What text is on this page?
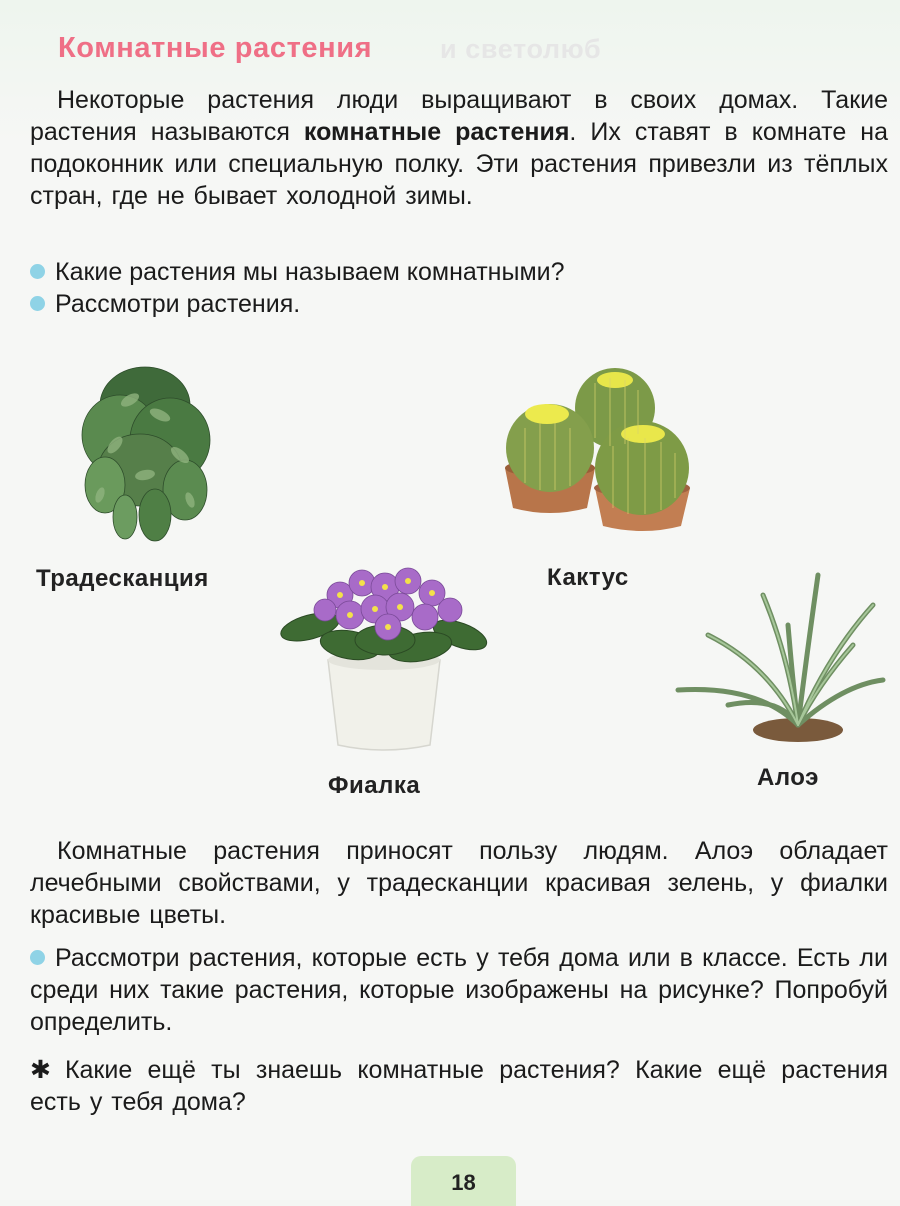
и светолюб
Комнатные растения

Некоторые растения люди выращивают в своих домах. Такие растения называются комнатные растения. Их ставят в комнате на подоконник или специальную полку. Эти растения привезли из тёплых стран, где не бывает холодной зимы.

Какие растения мы называем комнатными?
Рассмотри растения.
Традесканция	Кактус
Фиалка	Алоэ

Комнатные растения приносят пользу людям. Алоэ обладает лечебными свойствами, у традесканции красивая зелень, у фиалки красивые цветы.

Рассмотри растения, которые есть у тебя дома или в классе. Есть ли среди них такие растения, которые изображены на рисунке? Попробуй определить.

✱ Какие ещё ты знаешь комнатные растения? Какие ещё растения есть у тебя дома?

18
